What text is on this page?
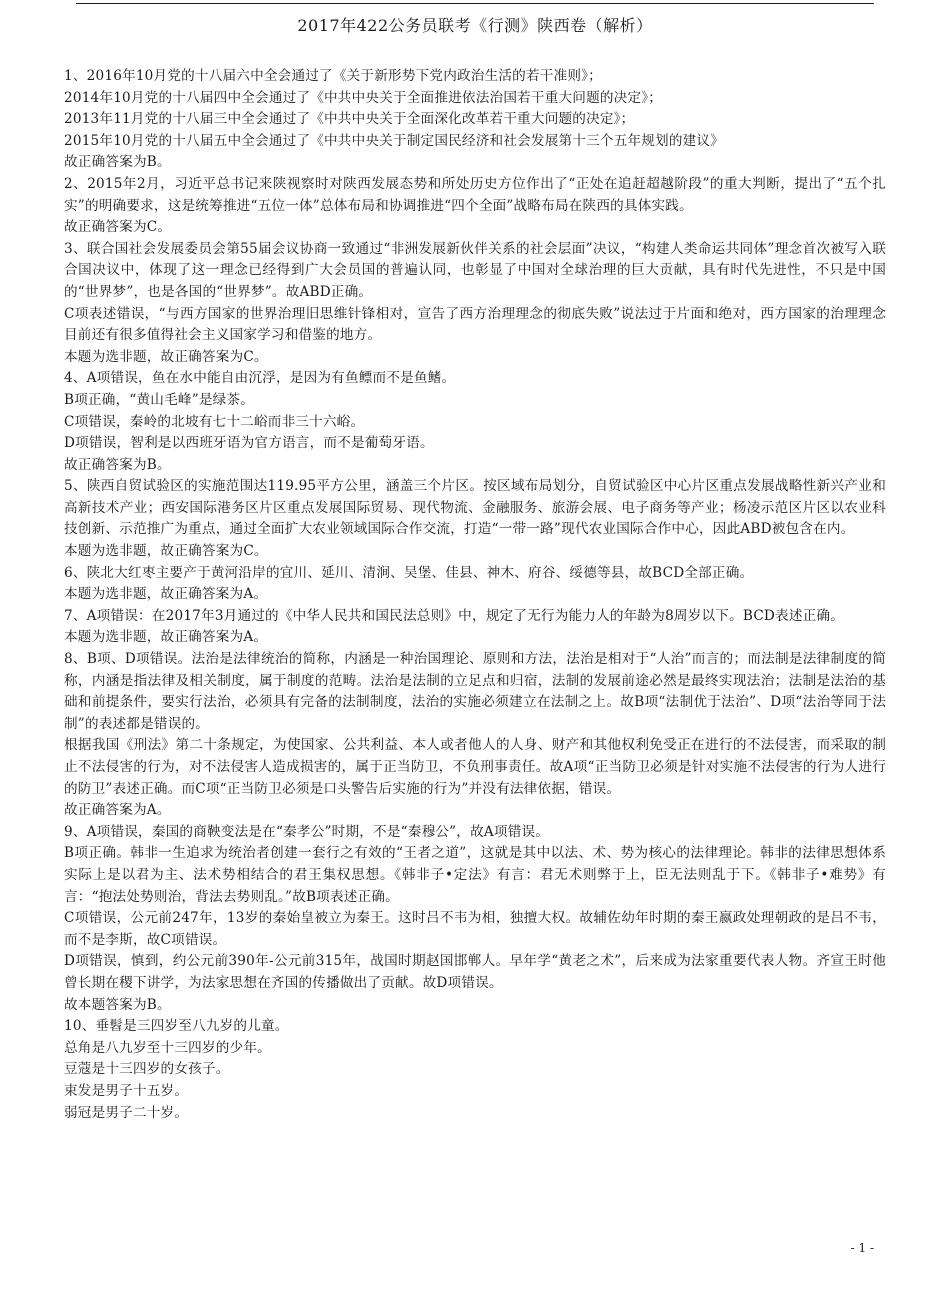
2017年422公务员联考《行测》陕西卷（解析）

1、2016年10月党的十八届六中全会通过了《关于新形势下党内政治生活的若干准则》；

2014年10月党的十八届四中全会通过了《中共中央关于全面推进依法治国若干重大问题的决定》；

2013年11月党的十八届三中全会通过了《中共中央关于全面深化改革若干重大问题的决定》；

2015年10月党的十八届五中全会通过了《中共中央关于制定国民经济和社会发展第十三个五年规划的建议》

故正确答案为B。

2、2015年2月，习近平总书记来陕视察时对陕西发展态势和所处历史方位作出了“正处在追赶超越阶段”的重大判断，提出了“五个扎实”的明确要求，这是统筹推进“五位一体”总体布局和协调推进“四个全面”战略布局在陕西的具体实践。

故正确答案为C。

3、联合国社会发展委员会第55届会议协商一致通过“非洲发展新伙伴关系的社会层面”决议，“构建人类命运共同体”理念首次被写入联合国决议中，体现了这一理念已经得到广大会员国的普遍认同，也彰显了中国对全球治理的巨大贡献，具有时代先进性，不只是中国的“世界梦”，也是各国的“世界梦”。故ABD正确。

C项表述错误，“与西方国家的世界治理旧思维针锋相对，宣告了西方治理理念的彻底失败”说法过于片面和绝对，西方国家的治理理念目前还有很多值得社会主义国家学习和借鉴的地方。

本题为选非题，故正确答案为C。

4、A项错误，鱼在水中能自由沉浮，是因为有鱼鳔而不是鱼鳍。

B项正确，“黄山毛峰”是绿茶。

C项错误，秦岭的北坡有七十二峪而非三十六峪。

D项错误，智利是以西班牙语为官方语言，而不是葡萄牙语。

故正确答案为B。

5、陕西自贸试验区的实施范围达119.95平方公里，涵盖三个片区。按区域布局划分，自贸试验区中心片区重点发展战略性新兴产业和高新技术产业；西安国际港务区片区重点发展国际贸易、现代物流、金融服务、旅游会展、电子商务等产业；杨凌示范区片区以农业科技创新、示范推广为重点，通过全面扩大农业领域国际合作交流，打造“一带一路”现代农业国际合作中心，因此ABD被包含在内。

本题为选非题，故正确答案为C。

6、陕北大红枣主要产于黄河沿岸的宜川、延川、清涧、吴堡、佳县、神木、府谷、绥德等县，故BCD全部正确。

本题为选非题，故正确答案为A。

7、A项错误：在2017年3月通过的《中华人民共和国民法总则》中，规定了无行为能力人的年龄为8周岁以下。BCD表述正确。

本题为选非题，故正确答案为A。

8、B项、D项错误。法治是法律统治的简称，内涵是一种治国理论、原则和方法，法治是相对于“人治”而言的；而法制是法律制度的简称，内涵是指法律及相关制度，属于制度的范畴。法治是法制的立足点和归宿，法制的发展前途必然是最终实现法治；法制是法治的基础和前提条件，要实行法治，必须具有完备的法制制度，法治的实施必须建立在法制之上。故B项“法制优于法治”、D项“法治等同于法制”的表述都是错误的。

根据我国《刑法》第二十条规定，为使国家、公共利益、本人或者他人的人身、财产和其他权利免受正在进行的不法侵害，而采取的制止不法侵害的行为，对不法侵害人造成损害的，属于正当防卫，不负刑事责任。故A项“正当防卫必须是针对实施不法侵害的行为人进行的防卫”表述正确。而C项“正当防卫必须是口头警告后实施的行为”并没有法律依据，错误。

故正确答案为A。

9、A项错误，秦国的商鞅变法是在“秦孝公”时期，不是“秦穆公”，故A项错误。

B项正确。韩非一生追求为统治者创建一套行之有效的“王者之道”，这就是其中以法、术、势为核心的法律理论。韩非的法律思想体系实际上是以君为主、法术势相结合的君王集权思想。《韩非子•定法》有言：君无术则弊于上，臣无法则乱于下。《韩非子•难势》有言：“抱法处势则治，背法去势则乱。”故B项表述正确。

C项错误，公元前247年，13岁的秦始皇被立为秦王。这时吕不韦为相，独擅大权。故辅佐幼年时期的秦王嬴政处理朝政的是吕不韦，而不是李斯，故C项错误。

D项错误，慎到，约公元前390年-公元前315年，战国时期赵国邯郸人。早年学“黄老之术”，后来成为法家重要代表人物。齐宣王时他曾长期在稷下讲学，为法家思想在齐国的传播做出了贡献。故D项错误。

故本题答案为B。

10、垂髫是三四岁至八九岁的儿童。

总角是八九岁至十三四岁的少年。

豆蔻是十三四岁的女孩子。

束发是男子十五岁。

弱冠是男子二十岁。

- 1 -
